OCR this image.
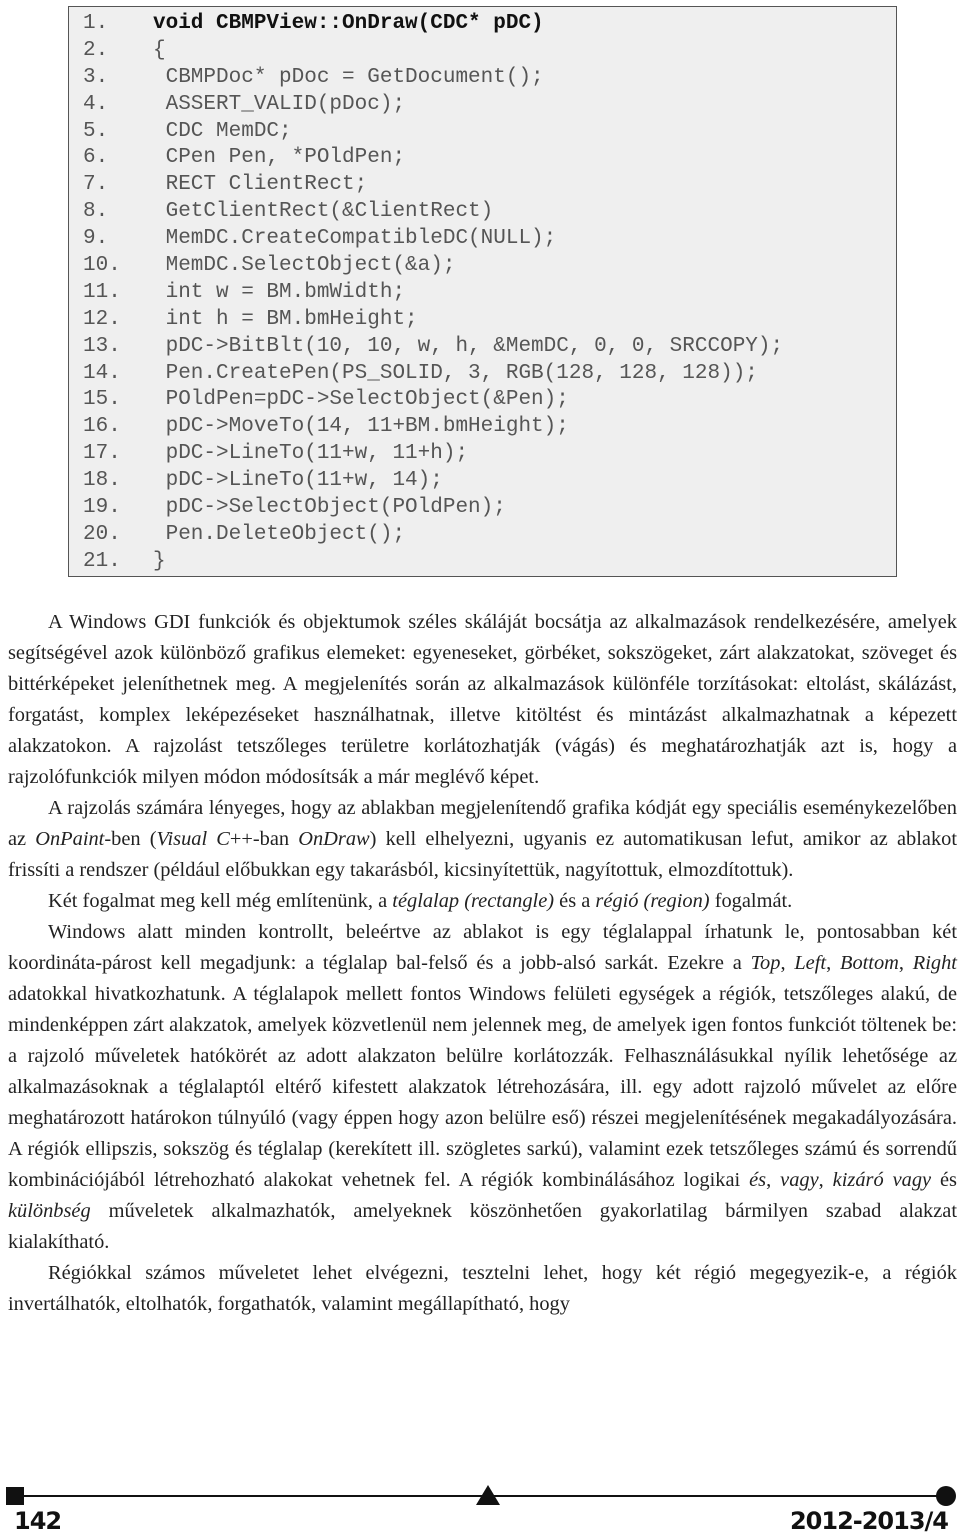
1. void CBMPView::OnDraw(CDC* pDC)
2. {
3. CBMPDoc* pDoc = GetDocument();
4. ASSERT_VALID(pDoc);
5. CDC MemDC;
6. CPen Pen, *POldPen;
7. RECT ClientRect;
8. GetClientRect(&ClientRect)
9. MemDC.CreateCompatibleDC(NULL);
10. MemDC.SelectObject(&a);
11. int w = BM.bmWidth;
12. int h = BM.bmHeight;
13. pDC->BitBlt(10, 10, w, h, &MemDC, 0, 0, SRCCOPY);
14. Pen.CreatePen(PS_SOLID, 3, RGB(128, 128, 128));
15. POldPen=pDC->SelectObject(&Pen);
16. pDC->MoveTo(14, 11+BM.bmHeight);
17. pDC->LineTo(11+w, 11+h);
18. pDC->LineTo(11+w, 14);
19. pDC->SelectObject(POldPen);
20. Pen.DeleteObject();
21. }

A Windows GDI funkciók és objektumok széles skáláját bocsátja az alkalmazások rendelkezésére, amelyek segítségével azok különböző grafikus elemeket: egyeneseket, görbéket, sokszögeket, zárt alakzatokat, szöveget és bittérképeket jeleníthetnek meg. A megjelenítés során az alkalmazások különféle torzításokat: eltolást, skálázást, forgatást, komplex leképezéseket használhatnak, illetve kitöltést és mintázást alkalmazhatnak a képezett alakzatokon. A rajzolást tetszőleges területre korlátozhatják (vágás) és meghatározhatják azt is, hogy a rajzolófunkciók milyen módon módosítsák a már meglévő képet.

A rajzolás számára lényeges, hogy az ablakban megjelenítendő grafika kódját egy speciális eseménykezelőben az OnPaint-ben (Visual C++-ban OnDraw) kell elhelyezni, ugyanis ez automatikusan lefut, amikor az ablakot frissíti a rendszer (például előbukkan egy takarásból, kicsinyítettük, nagyítottuk, elmozdítottuk).

Két fogalmat meg kell még említenünk, a téglalap (rectangle) és a régió (region) fogalmát.

Windows alatt minden kontrollt, beleértve az ablakot is egy téglalappal írhatunk le, pontosabban két koordináta-párost kell megadjunk: a téglalap bal-felső és a jobb-alsó sarkát. Ezekre a Top, Left, Bottom, Right adatokkal hivatkozhatunk. A téglalapok mellett fontos Windows felületi egységek a régiók, tetszőleges alakú, de mindenképpen zárt alakzatok, amelyek közvetlenül nem jelennek meg, de amelyek igen fontos funkciót töltenek be: a rajzoló műveletek hatókörét az adott alakzaton belülre korlátozzák. Felhasználásukkal nyílik lehetősége az alkalmazásoknak a téglalaptól eltérő kifestett alakzatok létrehozására, ill. egy adott rajzoló művelet az előre meghatározott határokon túlnyúló (vagy éppen hogy azon belülre eső) részei megjelenítésének megakadályozására. A régiók ellipszis, sokszög és téglalap (kerekített ill. szögletes sarkú), valamint ezek tetszőleges számú és sorrendű kombinációjából létrehozható alakokat vehetnek fel. A régiók kombinálásához logikai és, vagy, kizáró vagy és különbség műveletek alkalmazhatók, amelyeknek köszönhetően gyakorlatilag bármilyen szabad alakzat kialakítható.

Régiókkal számos műveletet lehet elvégezni, tesztelni lehet, hogy két régió megegyezik-e, a régiók invertálhatók, eltolhatók, forgathatók, valamint megállapítható, hogy

142	2012-2013/4
